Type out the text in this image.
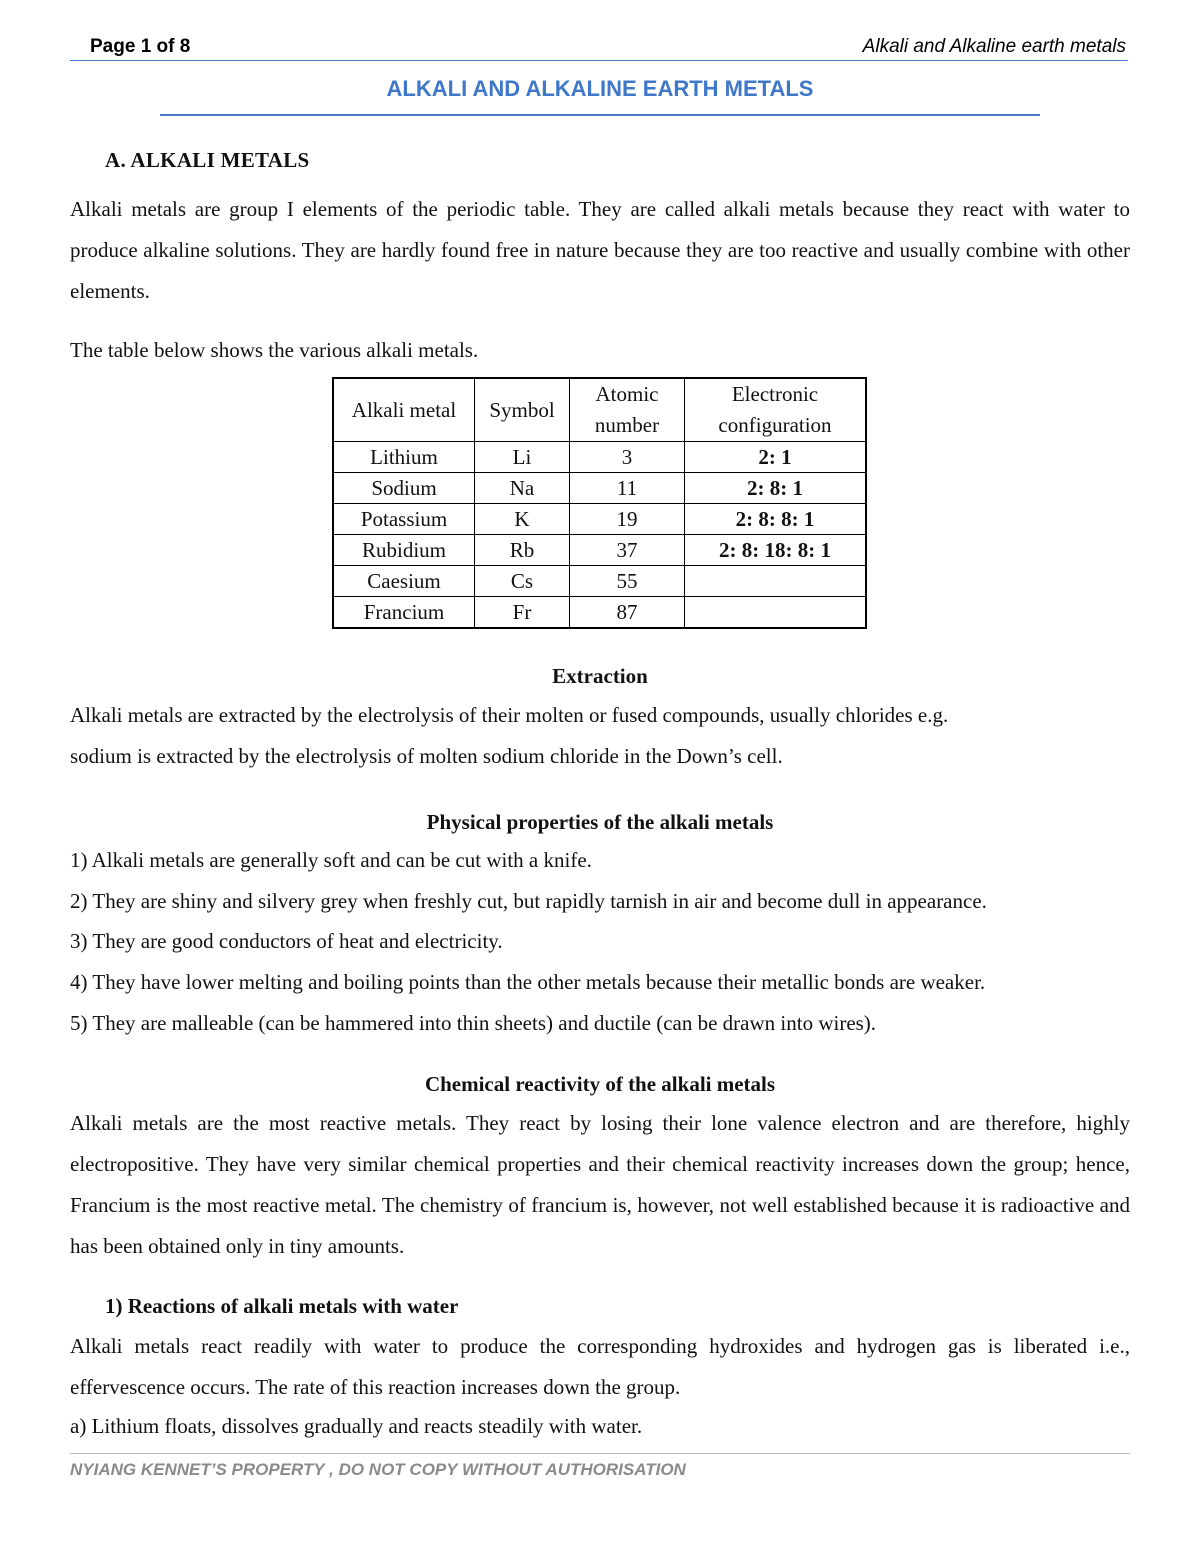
Page 1 of 8	Alkali and Alkaline earth metals
ALKALI AND ALKALINE EARTH METALS
A. ALKALI METALS
Alkali metals are group I elements of the periodic table. They are called alkali metals because they react with water to produce alkaline solutions. They are hardly found free in nature because they are too reactive and usually combine with other elements.
The table below shows the various alkali metals.
Alkali metal	Symbol	Atomic number	Electronic configuration
Lithium	Li	3	2: 1
Sodium	Na	11	2: 8: 1
Potassium	K	19	2: 8: 8: 1
Rubidium	Rb	37	2: 8: 18: 8: 1
Caesium	Cs	55	
Francium	Fr	87	
Extraction
Alkali metals are extracted by the electrolysis of their molten or fused compounds, usually chlorides e.g.
sodium is extracted by the electrolysis of molten sodium chloride in the Down’s cell.
Physical properties of the alkali metals
1) Alkali metals are generally soft and can be cut with a knife.
2) They are shiny and silvery grey when freshly cut, but rapidly tarnish in air and become dull in appearance.
3) They are good conductors of heat and electricity.
4) They have lower melting and boiling points than the other metals because their metallic bonds are weaker.
5) They are malleable (can be hammered into thin sheets) and ductile (can be drawn into wires).
Chemical reactivity of the alkali metals
Alkali metals are the most reactive metals. They react by losing their lone valence electron and are therefore, highly electropositive. They have very similar chemical properties and their chemical reactivity increases down the group; hence, Francium is the most reactive metal. The chemistry of francium is, however, not well established because it is radioactive and has been obtained only in tiny amounts.
1) Reactions of alkali metals with water
Alkali metals react readily with water to produce the corresponding hydroxides and hydrogen gas is liberated i.e., effervescence occurs. The rate of this reaction increases down the group.
a) Lithium floats, dissolves gradually and reacts steadily with water.
NYIANG KENNET’S PROPERTY , DO NOT COPY WITHOUT AUTHORISATION
